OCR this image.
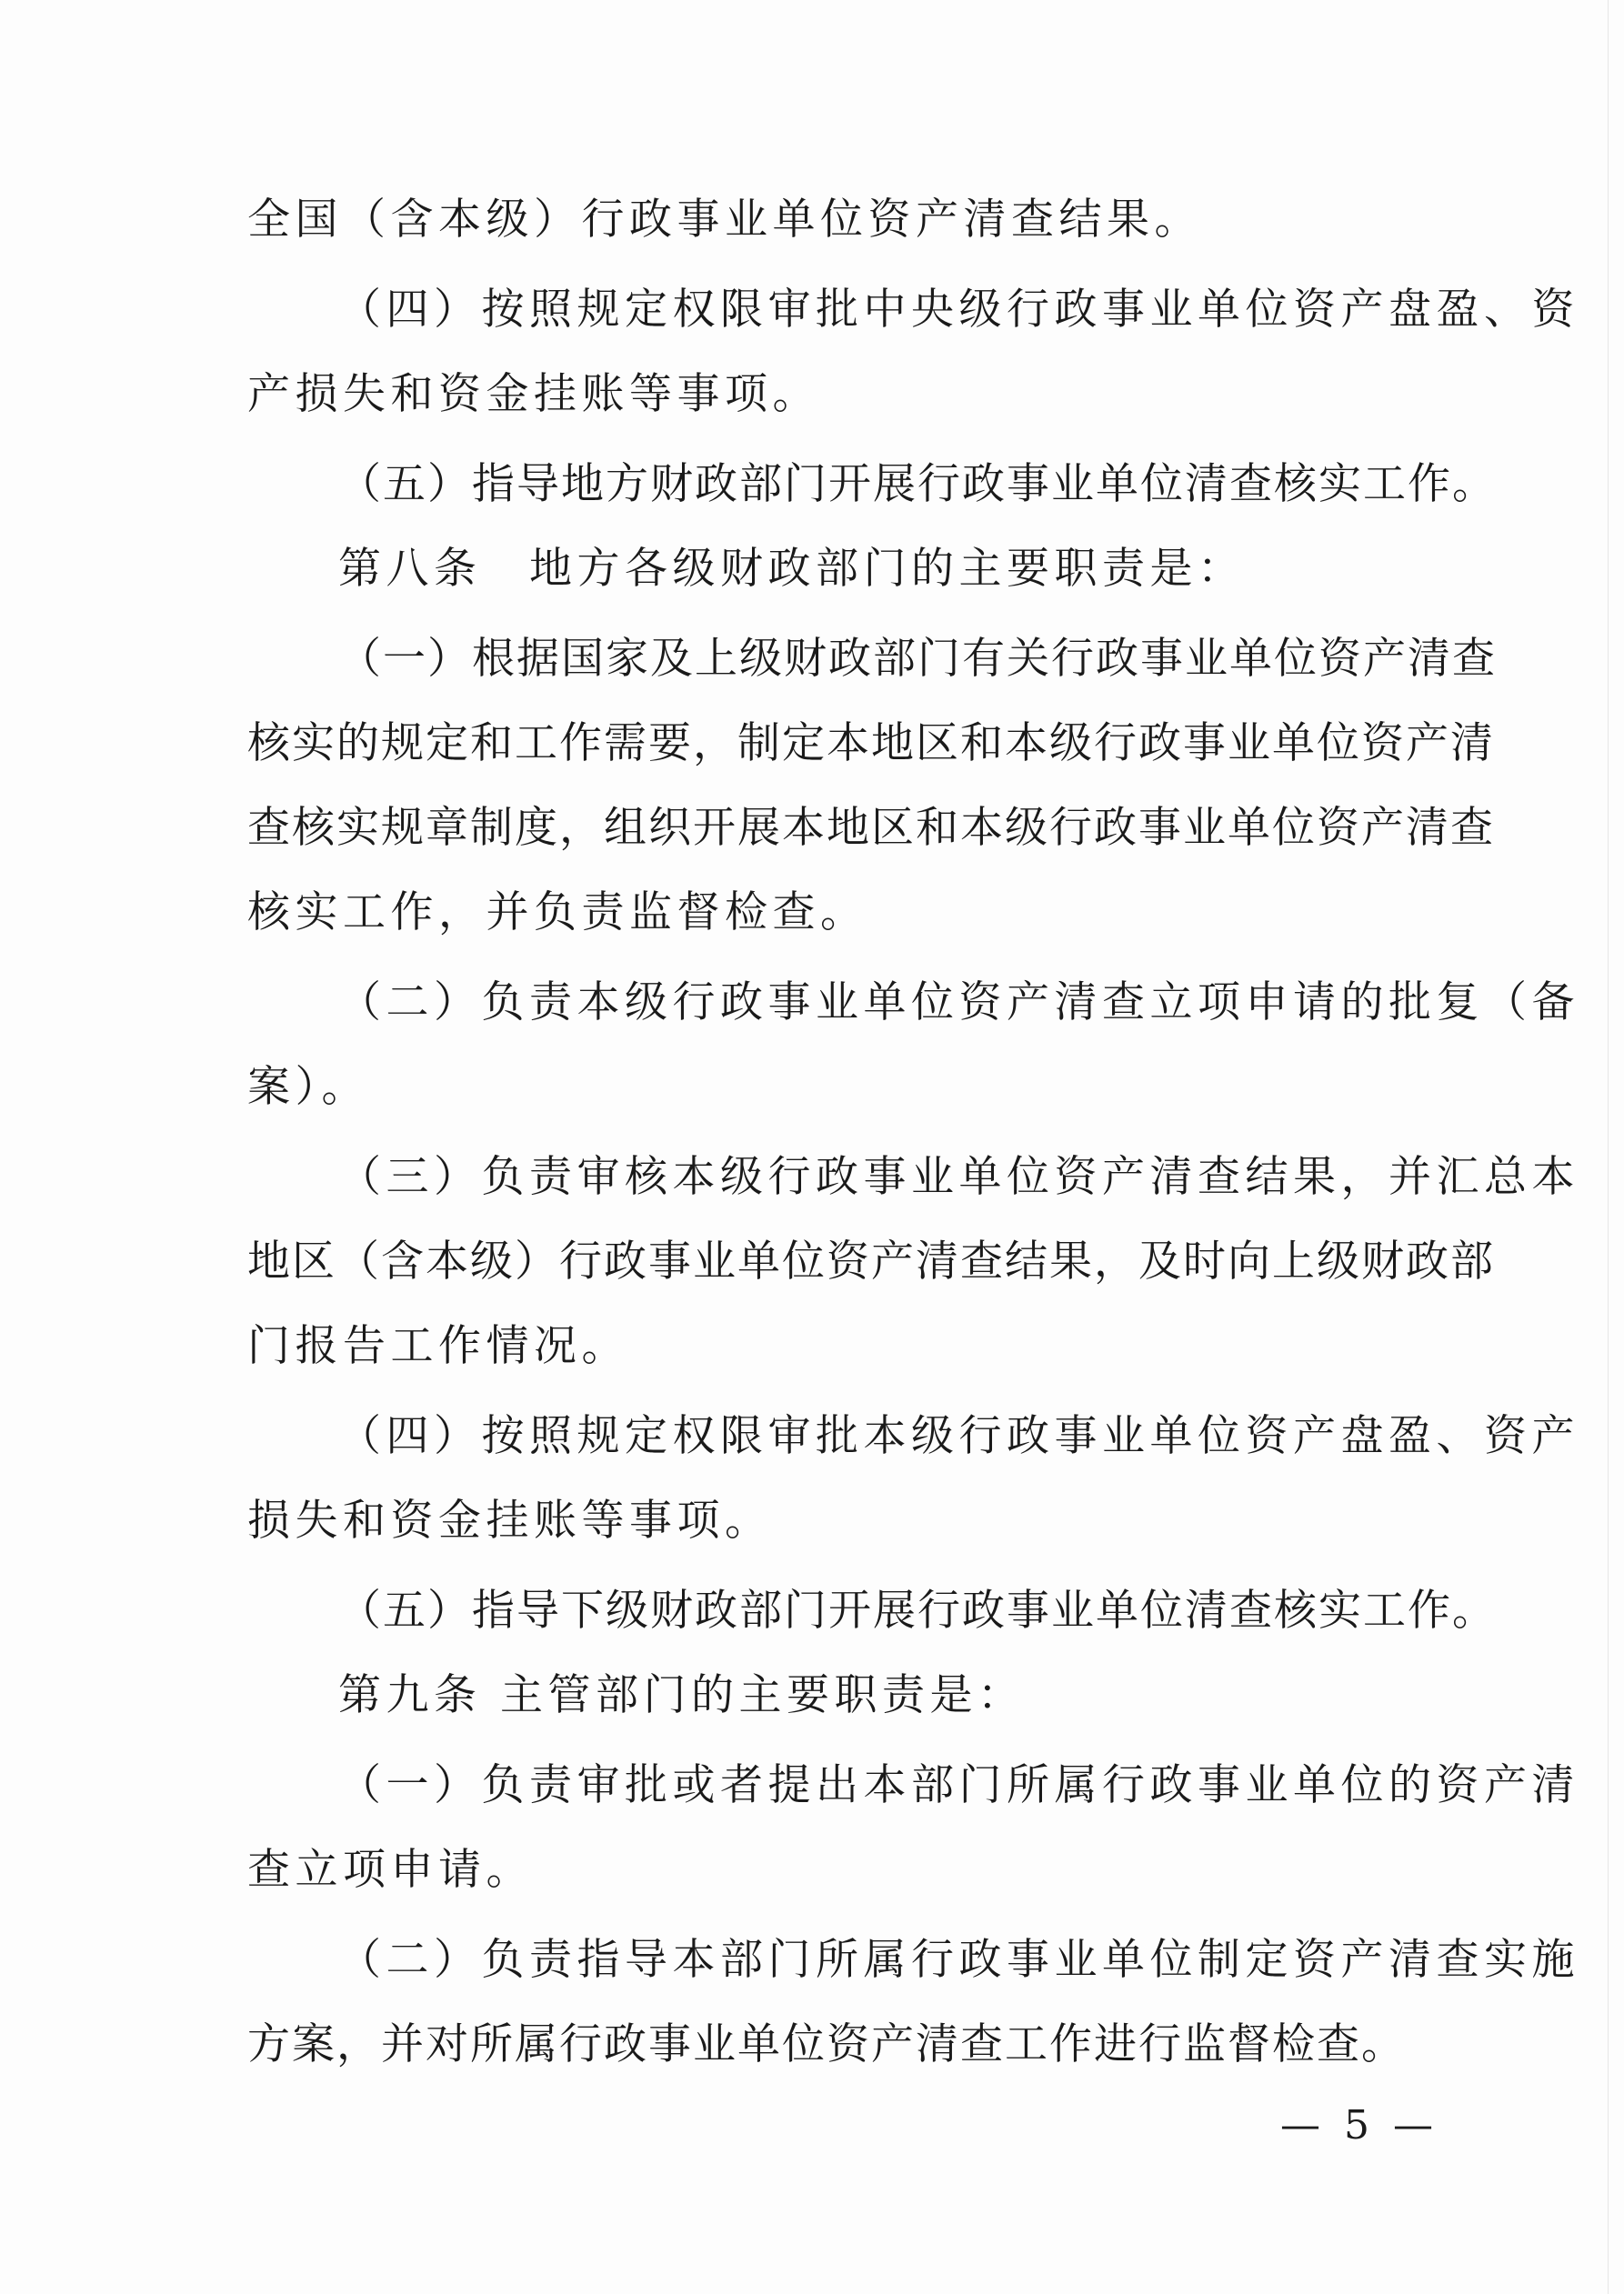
全国（含本级）行政事业单位资产清查结果。
（四）按照规定权限审批中央级行政事业单位资产盘盈、资
产损失和资金挂账等事项。
（五）指导地方财政部门开展行政事业单位清查核实工作。
第八条　地方各级财政部门的主要职责是：
（一）根据国家及上级财政部门有关行政事业单位资产清查
核实的规定和工作需要，制定本地区和本级行政事业单位资产清
查核实规章制度，组织开展本地区和本级行政事业单位资产清查
核实工作，并负责监督检查。
（二）负责本级行政事业单位资产清查立项申请的批复（备
案）。
（三）负责审核本级行政事业单位资产清查结果，并汇总本
地区（含本级）行政事业单位资产清查结果，及时向上级财政部
门报告工作情况。
（四）按照规定权限审批本级行政事业单位资产盘盈、资产
损失和资金挂账等事项。
（五）指导下级财政部门开展行政事业单位清查核实工作。
第九条 主管部门的主要职责是：
（一）负责审批或者提出本部门所属行政事业单位的资产清
查立项申请。
（二）负责指导本部门所属行政事业单位制定资产清查实施
方案，并对所属行政事业单位资产清查工作进行监督检查。
— 5 —
